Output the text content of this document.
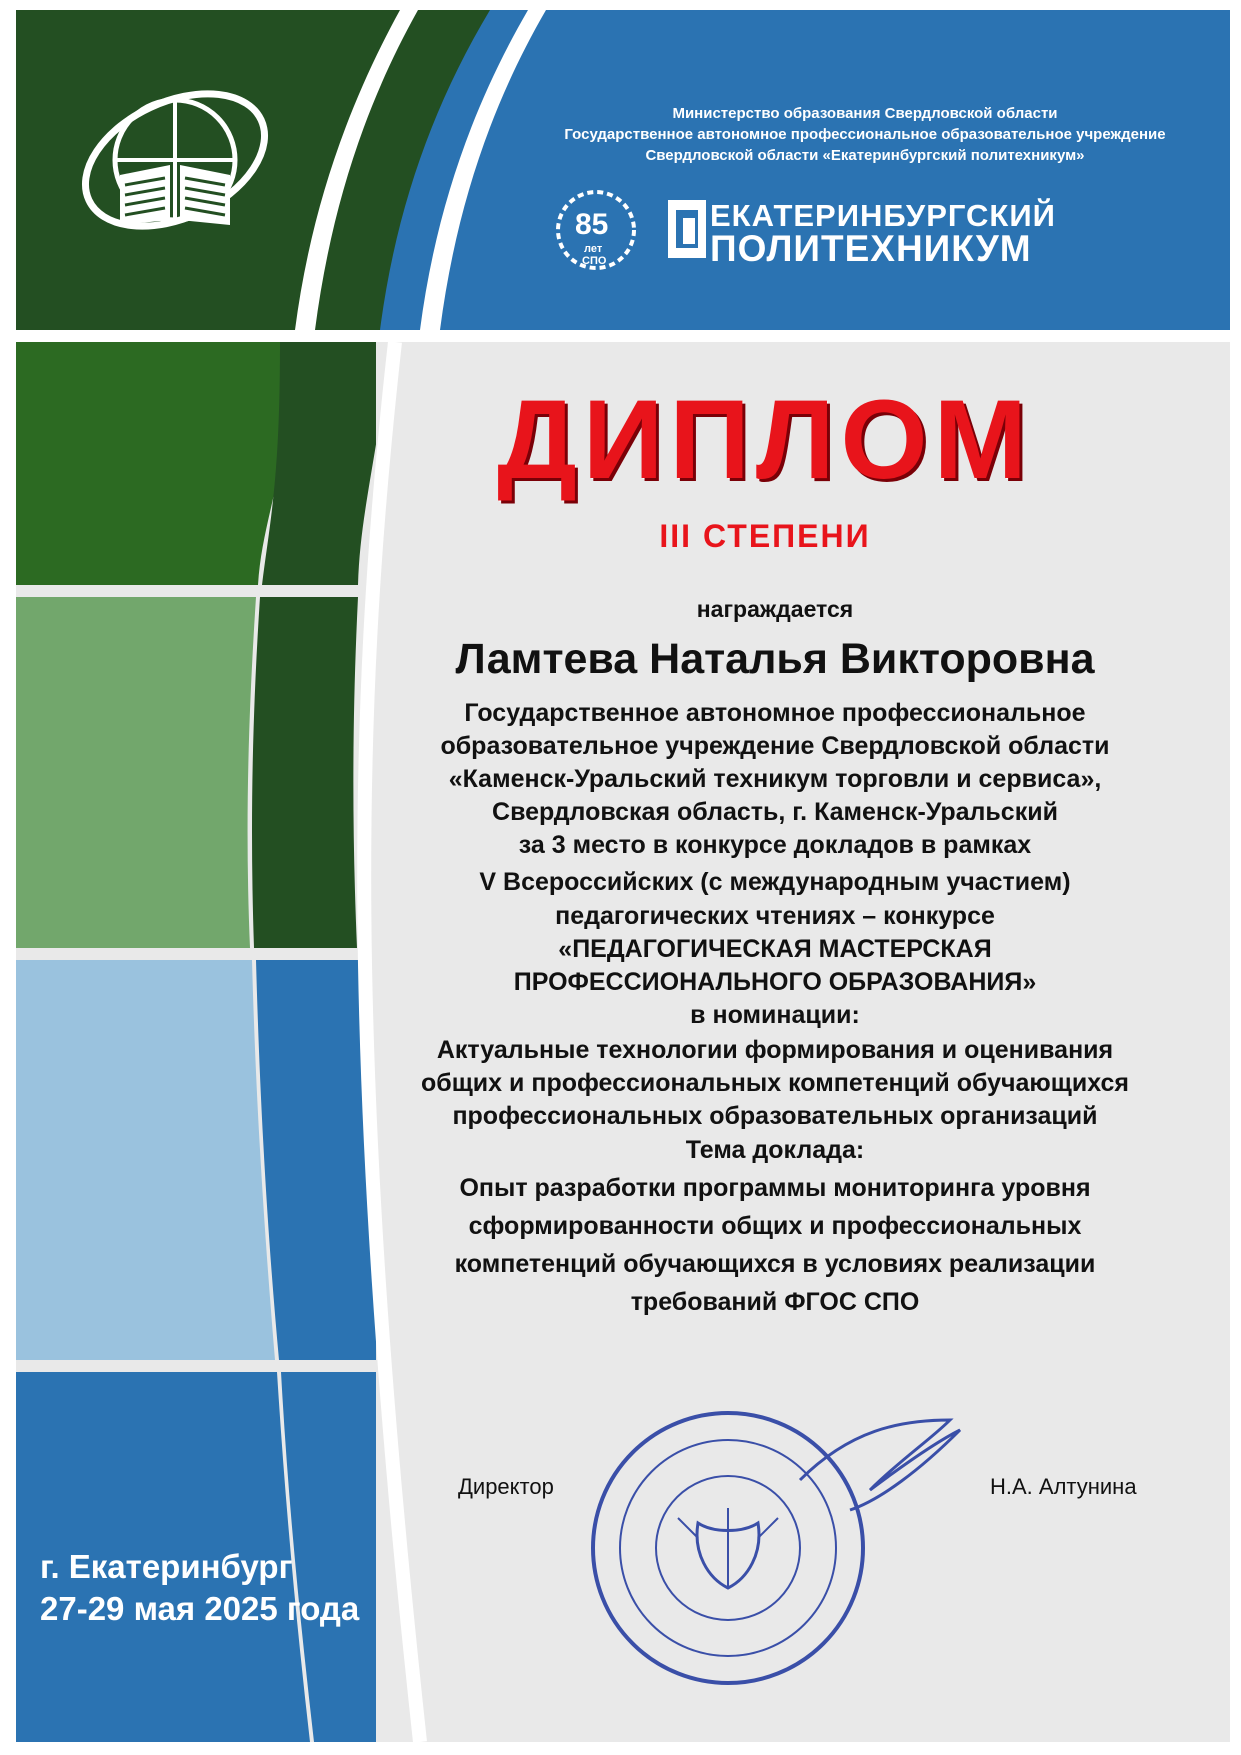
Министерство образования Свердловской области
Государственное автономное профессиональное образовательное учреждение
Свердловской области «Екатеринбургский политехникум»
85
лет
СПО
ЕКАТЕРИНБУРГСКИЙ
ПОЛИТЕХНИКУМ
ДИПЛОМ
III СТЕПЕНИ
награждается
Ламтева Наталья Викторовна
Государственное автономное профессиональное
образовательное учреждение Свердловской области
«Каменск-Уральский техникум торговли и сервиса»,
Свердловская область, г. Каменск-Уральский
за 3 место в конкурсе докладов в рамках
V Всероссийских (с международным участием)
педагогических чтениях – конкурсе
«ПЕДАГОГИЧЕСКАЯ МАСТЕРСКАЯ
ПРОФЕССИОНАЛЬНОГО ОБРАЗОВАНИЯ»
в номинации:
Актуальные технологии формирования и оценивания
общих и профессиональных компетенций обучающихся
профессиональных образовательных организаций
Тема доклада:
Опыт разработки программы мониторинга уровня
сформированности общих и профессиональных
компетенций обучающихся в условиях реализации
требований ФГОС СПО
Директор	Н.А. Алтунина
г. Екатеринбург
27-29 мая 2025 года
